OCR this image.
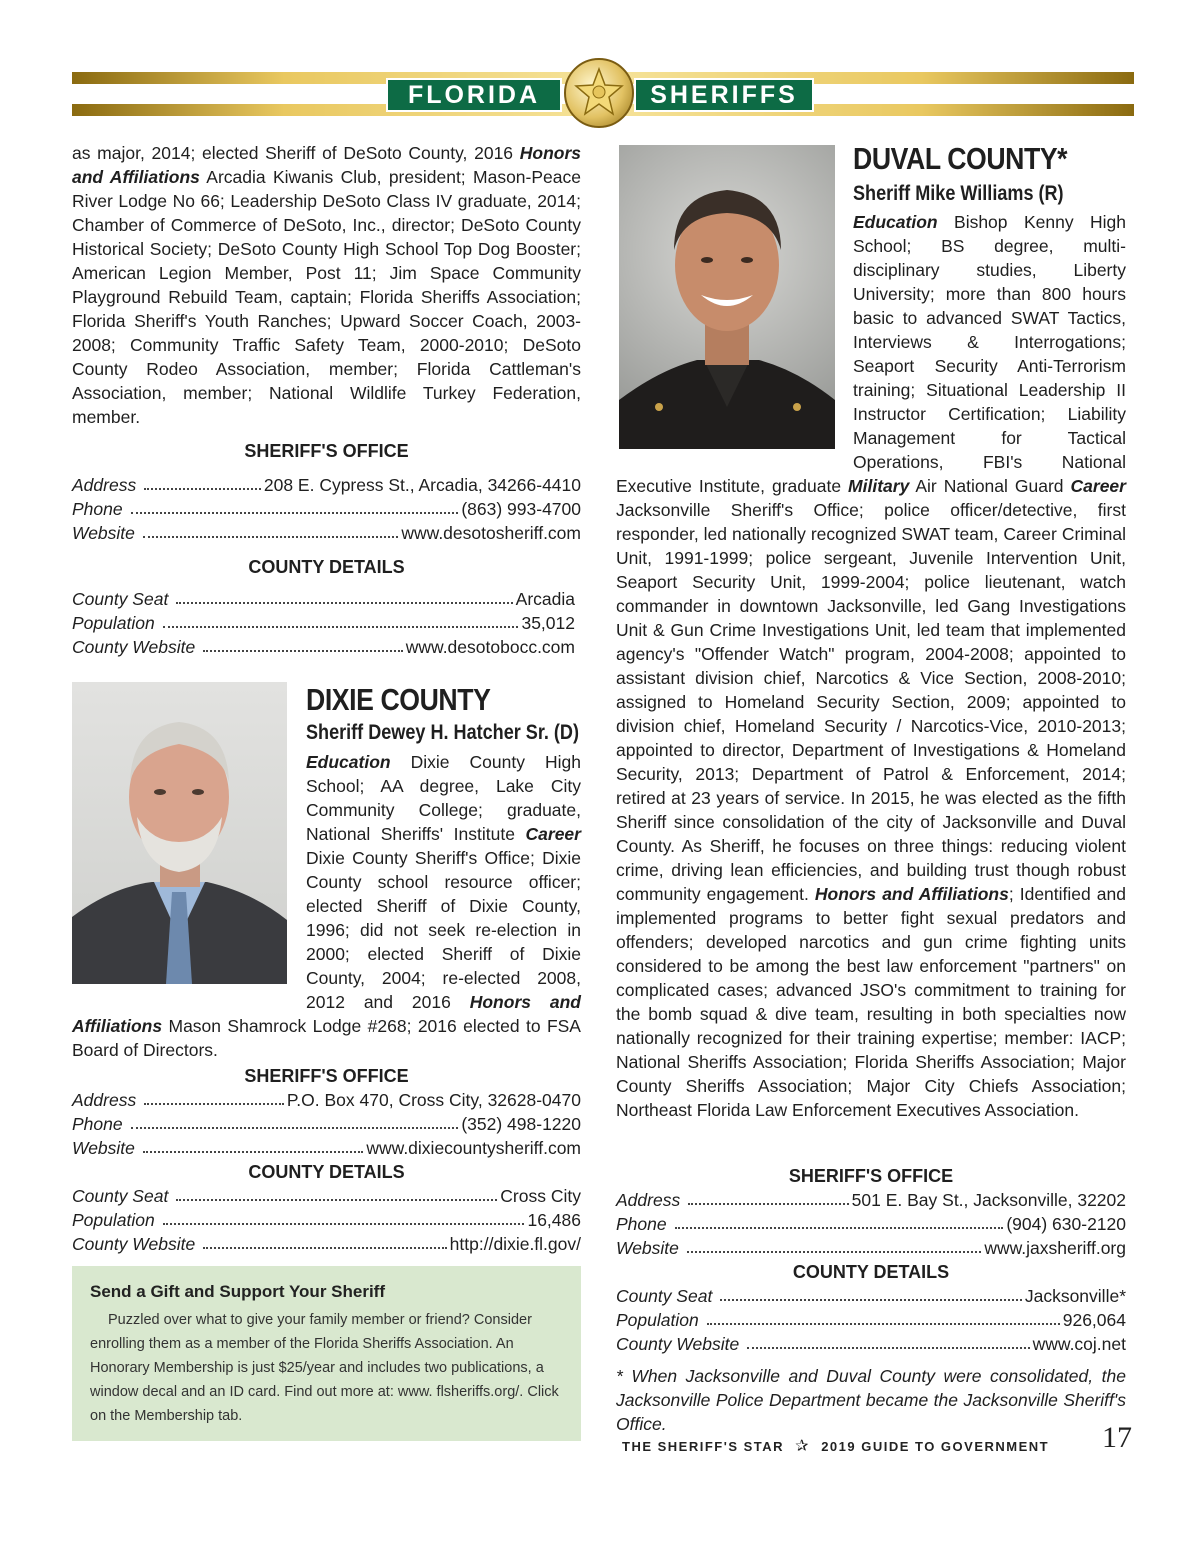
FLORIDA	SHERIFFS

as major, 2014; elected Sheriff of DeSoto County, 2016 Honors and Affiliations Arcadia Kiwanis Club, president; Mason-Peace River Lodge No 66; Leadership DeSoto Class IV graduate, 2014; Chamber of Commerce of DeSoto, Inc., director; DeSoto County Historical Society; DeSoto County High School Top Dog Booster; American Legion Member, Post 11; Jim Space Community Playground Rebuild Team, captain; Florida Sheriffs Association; Florida Sheriff's Youth Ranches; Upward Soccer Coach, 2003-2008; Community Traffic Safety Team, 2000-2010; DeSoto County Rodeo Association, member; Florida Cattleman's Association, member; National Wildlife Turkey Federation, member.

SHERIFF'S OFFICE
Address	208 E. Cypress St., Arcadia, 34266-4410
Phone	(863) 993-4700
Website	www.desotosheriff.com
COUNTY DETAILS
County Seat	Arcadia
Population	35,012
County Website	www.desotobocc.com
DIXIE COUNTY
Sheriff Dewey H. Hatcher Sr. (D)

Education Dixie County High School; AA degree, Lake City Community College; graduate, National Sheriffs' Institute Career Dixie County Sheriff's Office; Dixie County school resource officer; elected Sheriff of Dixie County, 1996; did not seek re-election in 2000; elected Sheriff of Dixie County, 2004; re-elected 2008, 2012 and 2016 Honors and Affiliations Mason Shamrock Lodge #268; 2016 elected to FSA Board of Directors.

SHERIFF'S OFFICE
Address	P.O. Box 470, Cross City, 32628-0470
Phone	(352) 498-1220
Website	www.dixiecountysheriff.com
COUNTY DETAILS
County Seat	Cross City
Population	16,486
County Website	http://dixie.fl.gov/
Send a Gift and Support Your Sheriff

Puzzled over what to give your family member or friend? Consider enrolling them as a member of the Florida Sheriffs Association. An Honorary Membership is just $25/year and includes two publications, a window decal and an ID card. Find out more at: www. flsheriffs.org/. Click on the Membership tab.

DUVAL COUNTY*
Sheriff Mike Williams (R)

Education Bishop Kenny High School; BS degree, multi-disciplinary studies, Liberty University; more than 800 hours basic to advanced SWAT Tactics, Interviews & Interrogations; Seaport Security Anti-Terrorism training; Situational Leadership II Instructor Certification; Liability Management for Tactical Operations, FBI's National Executive Institute, graduate Military Air National Guard Career Jacksonville Sheriff's Office; police officer/detective, first responder, led nationally recognized SWAT team, Career Criminal Unit, 1991-1999; police sergeant, Juvenile Intervention Unit, Seaport Security Unit, 1999-2004; police lieutenant, watch commander in downtown Jacksonville, led Gang Investigations Unit & Gun Crime Investigations Unit, led team that implemented agency's "Offender Watch" program, 2004-2008; appointed to assistant division chief, Narcotics & Vice Section, 2008-2010; assigned to Homeland Security Section, 2009; appointed to division chief, Homeland Security / Narcotics-Vice, 2010-2013; appointed to director, Department of Investigations & Homeland Security, 2013; Department of Patrol & Enforcement, 2014; retired at 23 years of service. In 2015, he was elected as the fifth Sheriff since consolidation of the city of Jacksonville and Duval County. As Sheriff, he focuses on three things: reducing violent crime, driving lean efficiencies, and building trust though robust community engagement. Honors and Affiliations; Identified and implemented programs to better fight sexual predators and offenders; developed narcotics and gun crime fighting units considered to be among the best law enforcement "partners" on complicated cases; advanced JSO's commitment to training for the bomb squad & dive team, resulting in both specialties now nationally recognized for their training expertise; member: IACP; National Sheriffs Association; Florida Sheriffs Association; Major County Sheriffs Association; Major City Chiefs Association; Northeast Florida Law Enforcement Executives Association.

SHERIFF'S OFFICE
Address	501 E. Bay St., Jacksonville, 32202
Phone	(904) 630-2120
Website	www.jaxsheriff.org
COUNTY DETAILS
County Seat	Jacksonville*
Population	926,064
County Website	www.coj.net

* When Jacksonville and Duval County were consolidated, the Jacksonville Police Department became the Jacksonville Sheriff's Office.

THE SHERIFF'S STAR ✰ 2019 GUIDE TO GOVERNMENT 17
